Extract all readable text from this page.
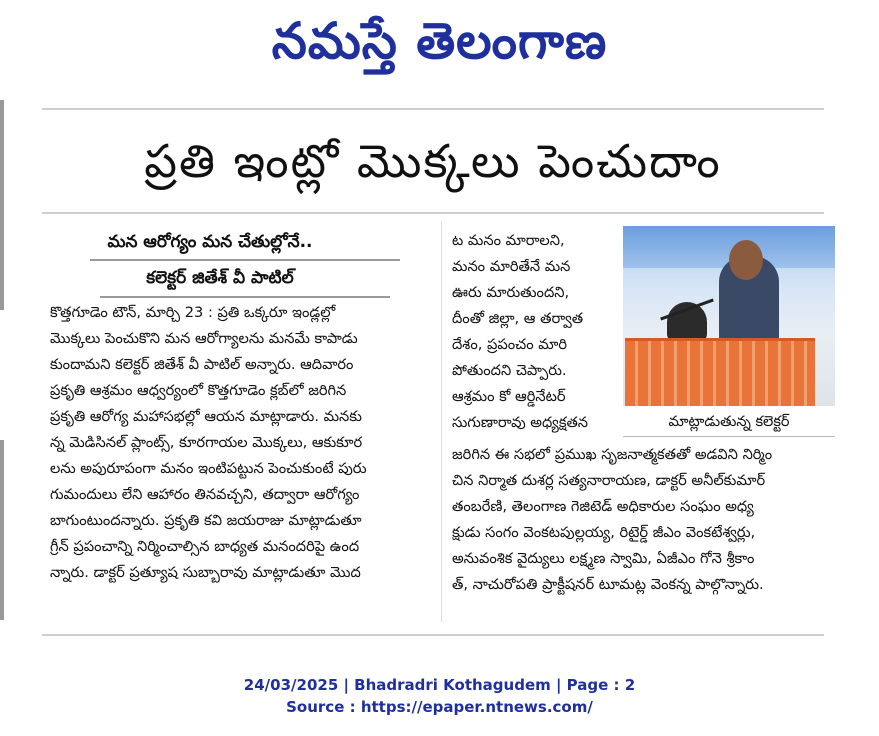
నమస్తే తెలంగాణ
ప్రతి ఇంట్లో మొక్కలు పెంచుదాం
మన ఆరోగ్యం మన చేతుల్లోనే..
కలెక్టర్ జితేశ్ వీ పాటిల్
కొత్తగూడెం టౌన్, మార్చి 23 : ప్రతి ఒక్కరూ ఇండ్లల్లో
మొక్కలు పెంచుకొని మన ఆరోగ్యాలను మనమే కాపాడు
కుందామని కలెక్టర్ జితేశ్ వీ పాటిల్ అన్నారు. ఆదివారం
ప్రకృతి ఆశ్రమం ఆధ్వర్యంలో కొత్తగూడెం క్లబ్‌లో జరిగిన
ప్రకృతి ఆరోగ్య మహాసభల్లో ఆయన మాట్లాడారు. మనకు
న్న మెడిసినల్ ప్లాంట్స్, కూరగాయల మొక్కలు, ఆకుకూర
లను అపురూపంగా మనం ఇంటిపట్టున పెంచుకుంటే పురు
గుమందులు లేని ఆహారం తినవచ్చని, తద్వారా ఆరోగ్యం
బాగుంటుందన్నారు. ప్రకృతి కవి జయరాజు మాట్లాడుతూ
గ్రీన్ ప్రపంచాన్ని నిర్మించాల్సిన బాధ్యత మనందరిపై ఉంద
న్నారు. డాక్టర్ ప్రత్యూష సుబ్బారావు మాట్లాడుతూ మొద
ట మనం మారాలని,
మనం మారితేనే మన
ఊరు మారుతుందని,
దీంతో జిల్లా, ఆ తర్వాత
దేశం, ప్రపంచం మారి
పోతుందని చెప్పారు.
ఆశ్రమం కో ఆర్డినేటర్
సుగుణారావు అధ్యక్షతన	మాట్లాడుతున్న కలెక్టర్
జరిగిన ఈ సభలో ప్రముఖ సృజనాత్మకతతో అడవిని నిర్మిం
చిన నిర్మాత దుశర్ల సత్యనారాయణ, డాక్టర్ అనీల్‌కుమార్
తంబరేణి, తెలంగాణ గెజిటెడ్ అధికారుల సంఘం అధ్య
క్షుడు సంగం వెంకటపుల్లయ్య, రిటైర్డ్ జీఎం వెంకటేశ్వర్లు,
అనువంశిక వైద్యులు లక్ష్మణ స్వామి, ఏజీఎం గోనె శ్రీకాం
త్, నాచురోపతి ప్రాక్టీషనర్ టూమట్ల వెంకన్న పాల్గొన్నారు.
24/03/2025 | Bhadradri Kothagudem | Page : 2
Source : https://epaper.ntnews.com/
